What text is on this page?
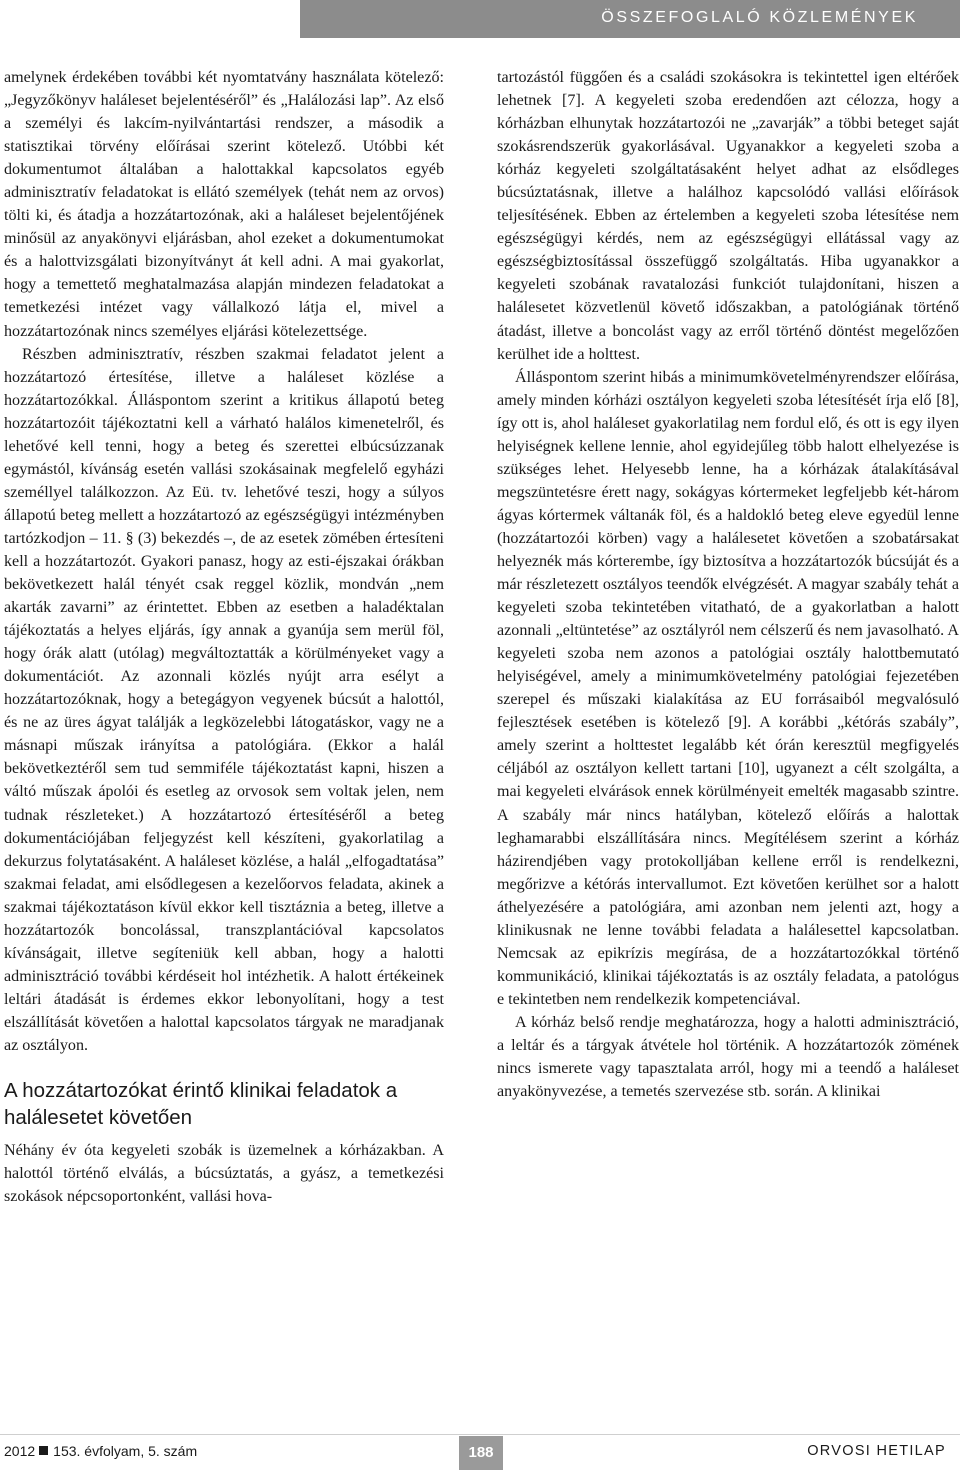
ÖSSZEFOGLALÓ KÖZLEMÉNYEK

amelynek érdekében további két nyomtatvány használata kötelező: „Jegyzőkönyv haláleset bejelentéséről” és „Halálozási lap”. Az első a személyi és lakcím-nyilvántartási rendszer, a második a statisztikai törvény előírásai szerint kötelező. Utóbbi két dokumentumot általában a halottakkal kapcsolatos egyéb adminisztratív feladatokat is ellátó személyek (tehát nem az orvos) tölti ki, és átadja a hozzátartozónak, aki a haláleset bejelentőjének minősül az anyakönyvi eljárásban, ahol ezeket a dokumentumokat és a halottvizsgálati bizonyítványt át kell adni. A mai gyakorlat, hogy a temettető meghatalmazása alapján mindezen feladatokat a temetkezési intézet vagy vállalkozó látja el, mivel a hozzátartozónak nincs személyes eljárási kötelezettsége.

Részben adminisztratív, részben szakmai feladatot jelent a hozzátartozó értesítése, illetve a haláleset közlése a hozzátartozókkal. Álláspontom szerint a kritikus állapotú beteg hozzátartozóit tájékoztatni kell a várható halálos kimenetelről, és lehetővé kell tenni, hogy a beteg és szerettei elbúcsúzzanak egymástól, kívánság esetén vallási szokásainak megfelelő egyházi személlyel találkozzon. Az Eü. tv. lehetővé teszi, hogy a súlyos állapotú beteg mellett a hozzátartozó az egészségügyi intézményben tartózkodjon – 11. § (3) bekezdés –, de az esetek zömében értesíteni kell a hozzátartozót. Gyakori panasz, hogy az esti-éjszakai órákban bekövetkezett halál tényét csak reggel közlik, mondván „nem akarták zavarni” az érintettet. Ebben az esetben a haladéktalan tájékoztatás a helyes eljárás, így annak a gyanúja sem merül föl, hogy órák alatt (utólag) megváltoztatták a körülményeket vagy a dokumentációt. Az azonnali közlés nyújt arra esélyt a hozzátartozóknak, hogy a betegágyon vegyenek búcsút a halottól, és ne az üres ágyat találják a legközelebbi látogatáskor, vagy ne a másnapi műszak irányítsa a patológiára. (Ekkor a halál bekövetkeztéről sem tud semmiféle tájékoztatást kapni, hiszen a váltó műszak ápolói és esetleg az orvosok sem voltak jelen, nem tudnak részleteket.) A hozzátartozó értesítéséről a beteg dokumentációjában feljegyzést kell készíteni, gyakorlatilag a dekurzus folytatásaként. A haláleset közlése, a halál „elfogadtatása” szakmai feladat, ami elsődlegesen a kezelőorvos feladata, akinek a szakmai tájékoztatáson kívül ekkor kell tisztáznia a beteg, illetve a hozzátartozók boncolással, transzplantációval kapcsolatos kívánságait, illetve segíteniük kell abban, hogy a halotti adminisztráció további kérdéseit hol intézhetik. A halott értékeinek leltári átadását is érdemes ekkor lebonyolítani, hogy a test elszállítását követően a halottal kapcsolatos tárgyak ne maradjanak az osztályon.

A hozzátartozókat érintő klinikai feladatok a halálesetet követően

Néhány év óta kegyeleti szobák is üzemelnek a kórházakban. A halottól történő elválás, a búcsúztatás, a gyász, a temetkezési szokások népcsoportonként, vallási hova-

tartozástól függően és a családi szokásokra is tekintettel igen eltérőek lehetnek [7]. A kegyeleti szoba eredendően azt célozza, hogy a kórházban elhunytak hozzátartozói ne „zavarják” a többi beteget saját szokásrendszerük gyakorlásával. Ugyanakkor a kegyeleti szoba a kórház kegyeleti szolgáltatásaként helyet adhat az elsődleges búcsúztatásnak, illetve a halálhoz kapcsolódó vallási előírások teljesítésének. Ebben az értelemben a kegyeleti szoba létesítése nem egészségügyi kérdés, nem az egészségügyi ellátással vagy az egészségbiztosítással összefüggő szolgáltatás. Hiba ugyanakkor a kegyeleti szobának ravatalozási funkciót tulajdonítani, hiszen a halálesetet közvetlenül követő időszakban, a patológiának történő átadást, illetve a boncolást vagy az erről történő döntést megelőzően kerülhet ide a holttest.

Álláspontom szerint hibás a minimumkövetelményrendszer előírása, amely minden kórházi osztályon kegyeleti szoba létesítését írja elő [8], így ott is, ahol haláleset gyakorlatilag nem fordul elő, és ott is egy ilyen helyiségnek kellene lennie, ahol egyidejűleg több halott elhelyezése is szükséges lehet. Helyesebb lenne, ha a kórházak átalakításával megszüntetésre érett nagy, sokágyas kórtermeket legfeljebb két-három ágyas kórtermek váltanák föl, és a haldokló beteg eleve egyedül lenne (hozzátartozói körben) vagy a halálesetet követően a szobatársakat helyeznék más kórterembe, így biztosítva a hozzátartozók búcsúját és a már részletezett osztályos teendők elvégzését. A magyar szabály tehát a kegyeleti szoba tekintetében vitatható, de a gyakorlatban a halott azonnali „eltüntetése” az osztályról nem célszerű és nem javasolható. A kegyeleti szoba nem azonos a patológiai osztály halottbemutató helyiségével, amely a minimumkövetelmény patológiai fejezetében szerepel és műszaki kialakítása az EU forrásaiból megvalósuló fejlesztések esetében is kötelező [9]. A korábbi „kétórás szabály”, amely szerint a holttestet legalább két órán keresztül megfigyelés céljából az osztályon kellett tartani [10], ugyanezt a célt szolgálta, a mai kegyeleti elvárások ennek körülményeit emelték magasabb szintre. A szabály már nincs hatályban, kötelező előírás a halottak leghamarabbi elszállítására nincs. Megítélésem szerint a kórház házirendjében vagy protokolljában kellene erről is rendelkezni, megőrizve a kétórás intervallumot. Ezt követően kerülhet sor a halott áthelyezésére a patológiára, ami azonban nem jelenti azt, hogy a klinikusnak ne lenne további feladata a halálesettel kapcsolatban. Nemcsak az epikrízis megírása, de a hozzátartozókkal történő kommunikáció, klinikai tájékoztatás is az osztály feladata, a patológus e tekintetben nem rendelkezik kompetenciával.

A kórház belső rendje meghatározza, hogy a halotti adminisztráció, a leltár és a tárgyak átvétele hol történik. A hozzátartozók zömének nincs ismerete vagy tapasztalata arról, hogy mi a teendő a haláleset anyakönyvezése, a temetés szervezése stb. során. A klinikai

2012 153. évfolyam, 5. szám	188	ORVOSI HETILAP
